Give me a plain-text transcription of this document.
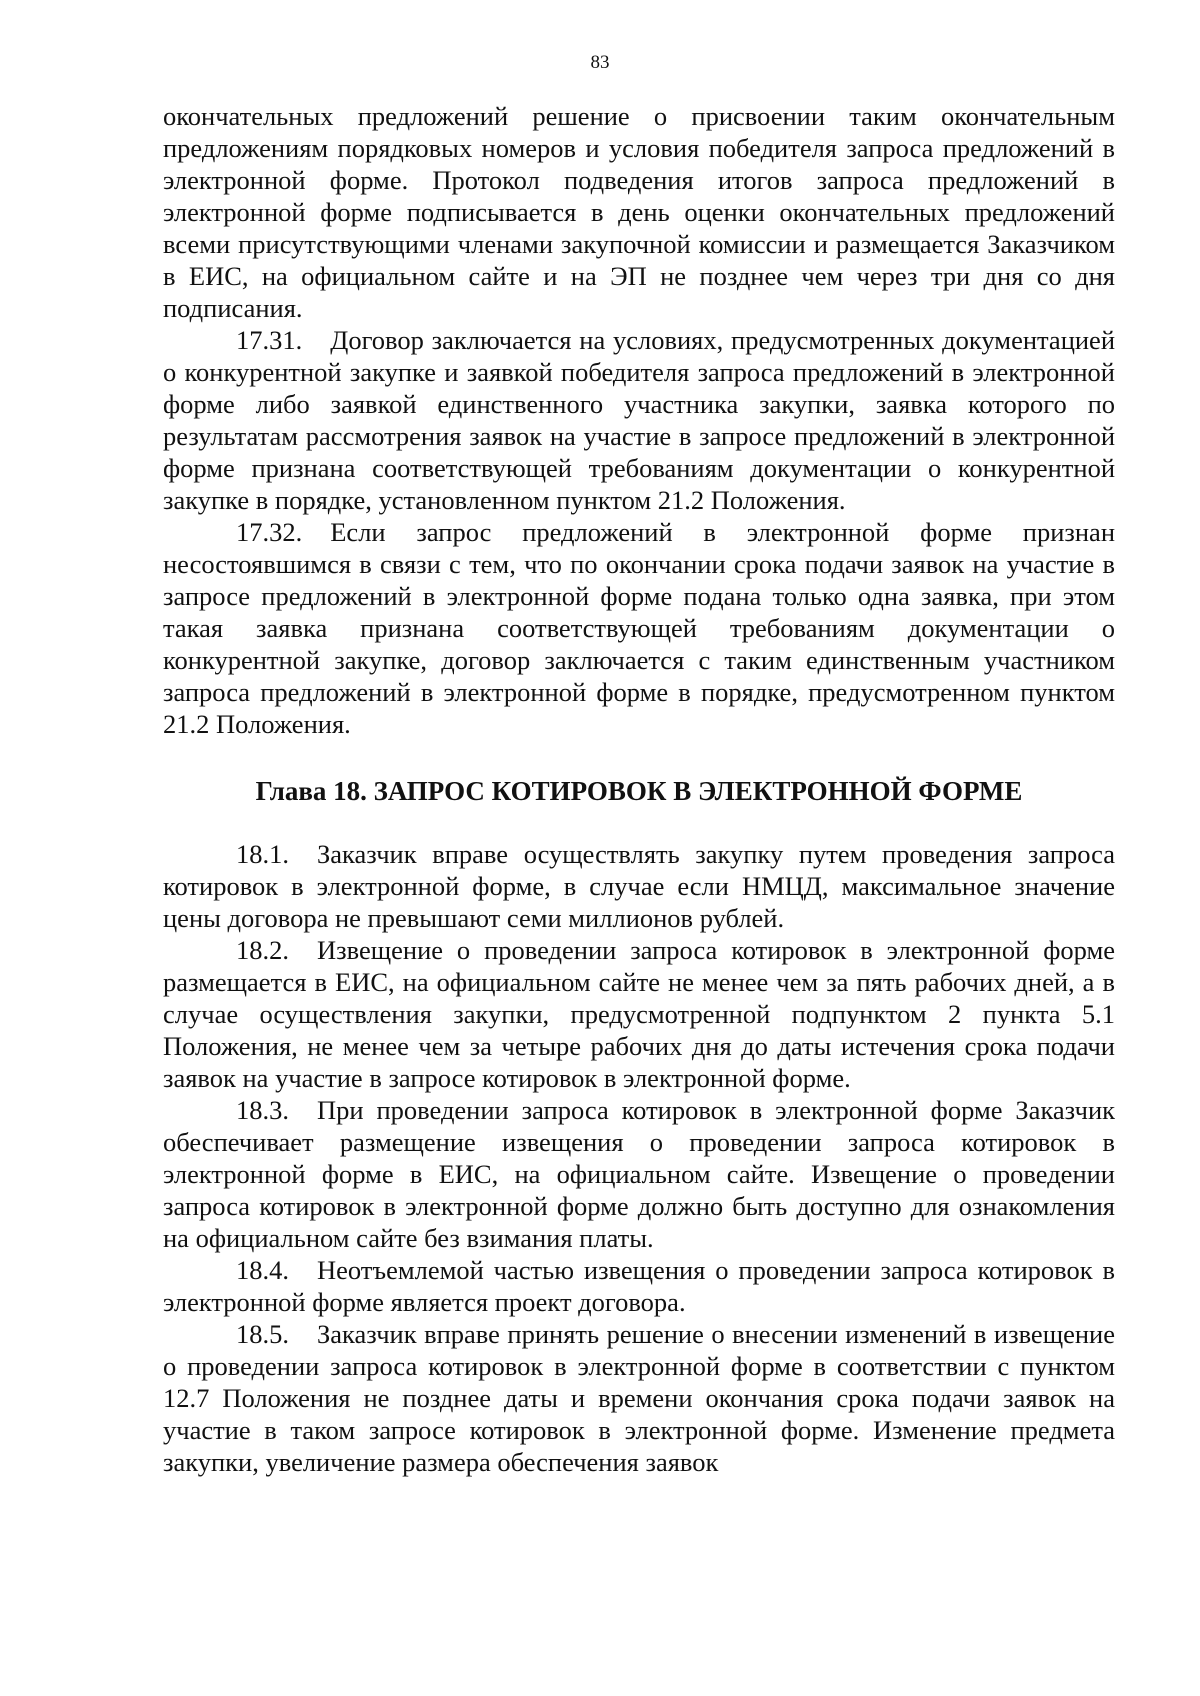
83

окончательных предложений решение о присвоении таким окончательным предложениям порядковых номеров и условия победителя запроса предложений в электронной форме. Протокол подведения итогов запроса предложений в электронной форме подписывается в день оценки окончательных предложений всеми присутствующими членами закупочной комиссии и размещается Заказчиком в ЕИС, на официальном сайте и на ЭП не позднее чем через три дня со дня подписания.

17.31. Договор заключается на условиях, предусмотренных документацией о конкурентной закупке и заявкой победителя запроса предложений в электронной форме либо заявкой единственного участника закупки, заявка которого по результатам рассмотрения заявок на участие в запросе предложений в электронной форме признана соответствующей требованиям документации о конкурентной закупке в порядке, установленном пунктом 21.2 Положения.

17.32. Если запрос предложений в электронной форме признан несостоявшимся в связи с тем, что по окончании срока подачи заявок на участие в запросе предложений в электронной форме подана только одна заявка, при этом такая заявка признана соответствующей требованиям документации о конкурентной закупке, договор заключается с таким единственным участником запроса предложений в электронной форме в порядке, предусмотренном пунктом 21.2 Положения.

Глава 18. ЗАПРОС КОТИРОВОК В ЭЛЕКТРОННОЙ ФОРМЕ

18.1. Заказчик вправе осуществлять закупку путем проведения запроса котировок в электронной форме, в случае если НМЦД, максимальное значение цены договора не превышают семи миллионов рублей.

18.2. Извещение о проведении запроса котировок в электронной форме размещается в ЕИС, на официальном сайте не менее чем за пять рабочих дней, а в случае осуществления закупки, предусмотренной подпунктом 2 пункта 5.1 Положения, не менее чем за четыре рабочих дня до даты истечения срока подачи заявок на участие в запросе котировок в электронной форме.

18.3. При проведении запроса котировок в электронной форме Заказчик обеспечивает размещение извещения о проведении запроса котировок в электронной форме в ЕИС, на официальном сайте. Извещение о проведении запроса котировок в электронной форме должно быть доступно для ознакомления на официальном сайте без взимания платы.

18.4. Неотъемлемой частью извещения о проведении запроса котировок в электронной форме является проект договора.

18.5. Заказчик вправе принять решение о внесении изменений в извещение о проведении запроса котировок в электронной форме в соответствии с пунктом 12.7 Положения не позднее даты и времени окончания срока подачи заявок на участие в таком запросе котировок в электронной форме. Изменение предмета закупки, увеличение размера обеспечения заявок
